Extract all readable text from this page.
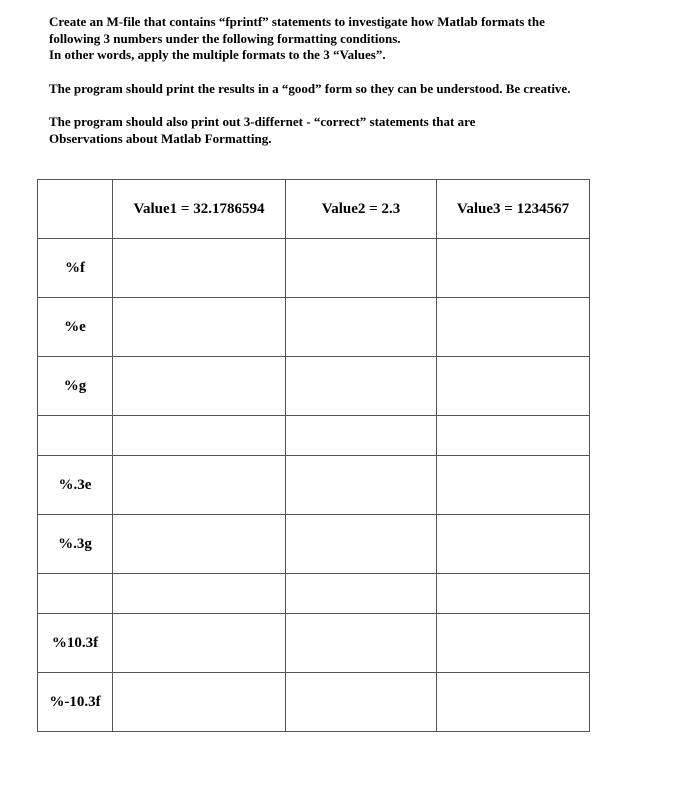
Create an M-file that contains “fprintf” statements to investigate how Matlab formats the

following 3 numbers under the following formatting conditions.

In other words, apply the multiple formats to the 3 “Values”.

The program should print the results in a “good” form so they can be understood. Be creative.

The program should also print out 3-differnet - “correct” statements that are

Observations about Matlab Formatting.

	Value1 = 32.1786594	Value2 = 2.3	Value3 = 1234567
%f			
%e			
%g			

%.3e			
%.3g			

%10.3f			
%-10.3f			
